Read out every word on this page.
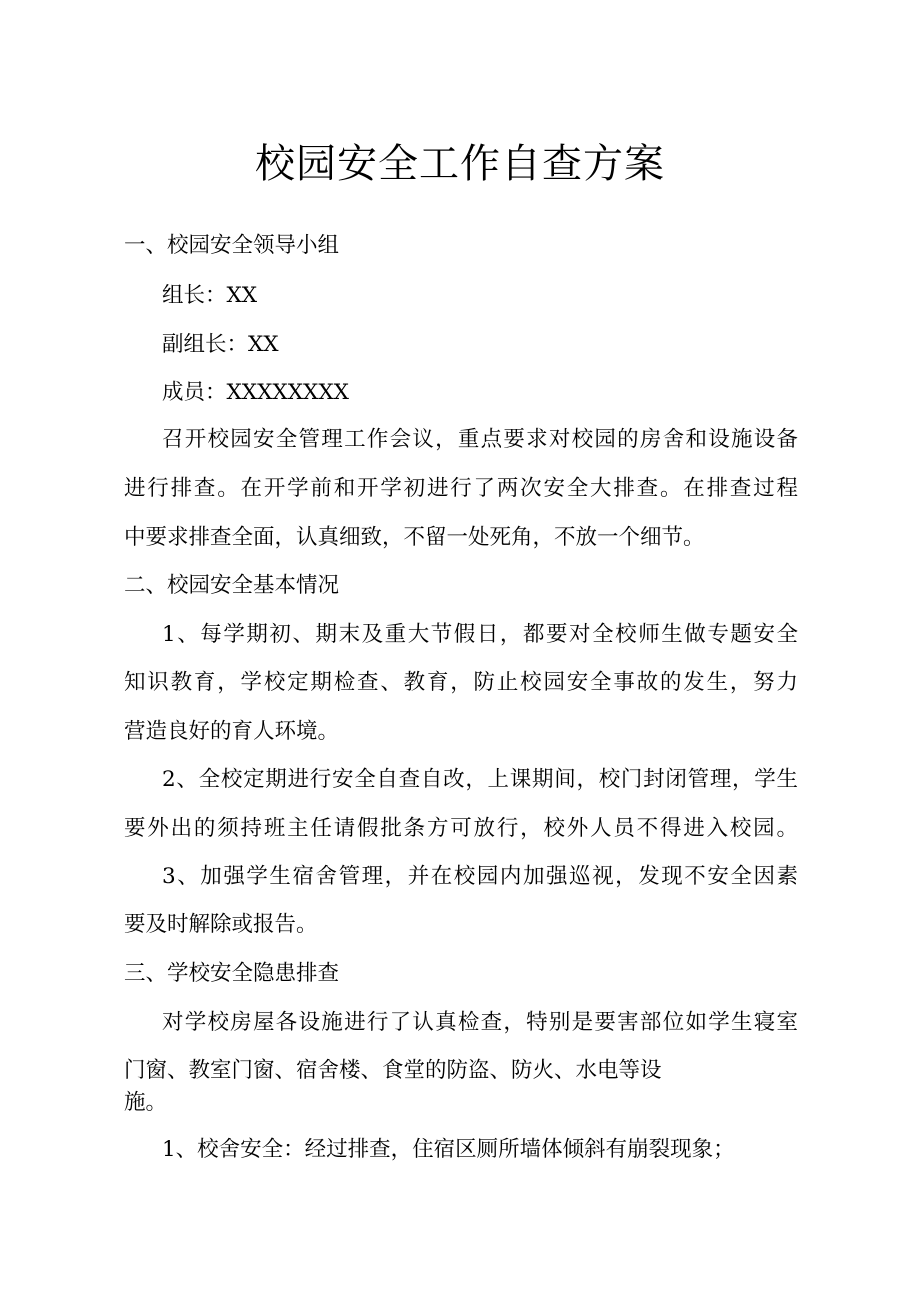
校园安全工作自查方案

一、校园安全领导小组

组长：XX

副组长：XX

成员：XXXXXXXX

召开校园安全管理工作会议，重点要求对校园的房舍和设施设备

进行排查。在开学前和开学初进行了两次安全大排查。在排查过程

中要求排查全面，认真细致，不留一处死角，不放一个细节。

二、校园安全基本情况

1、每学期初、期末及重大节假日，都要对全校师生做专题安全

知识教育，学校定期检查、教育，防止校园安全事故的发生，努力

营造良好的育人环境。

2、全校定期进行安全自查自改，上课期间，校门封闭管理，学生

要外出的须持班主任请假批条方可放行，校外人员不得进入校园。

3、加强学生宿舍管理，并在校园内加强巡视，发现不安全因素

要及时解除或报告。

三、学校安全隐患排查

对学校房屋各设施进行了认真检查，特别是要害部位如学生寝室

门窗、教室门窗、宿舍楼、食堂的防盗、防火、水电等设

施。

1、校舍安全：经过排查，住宿区厕所墙体倾斜有崩裂现象；
